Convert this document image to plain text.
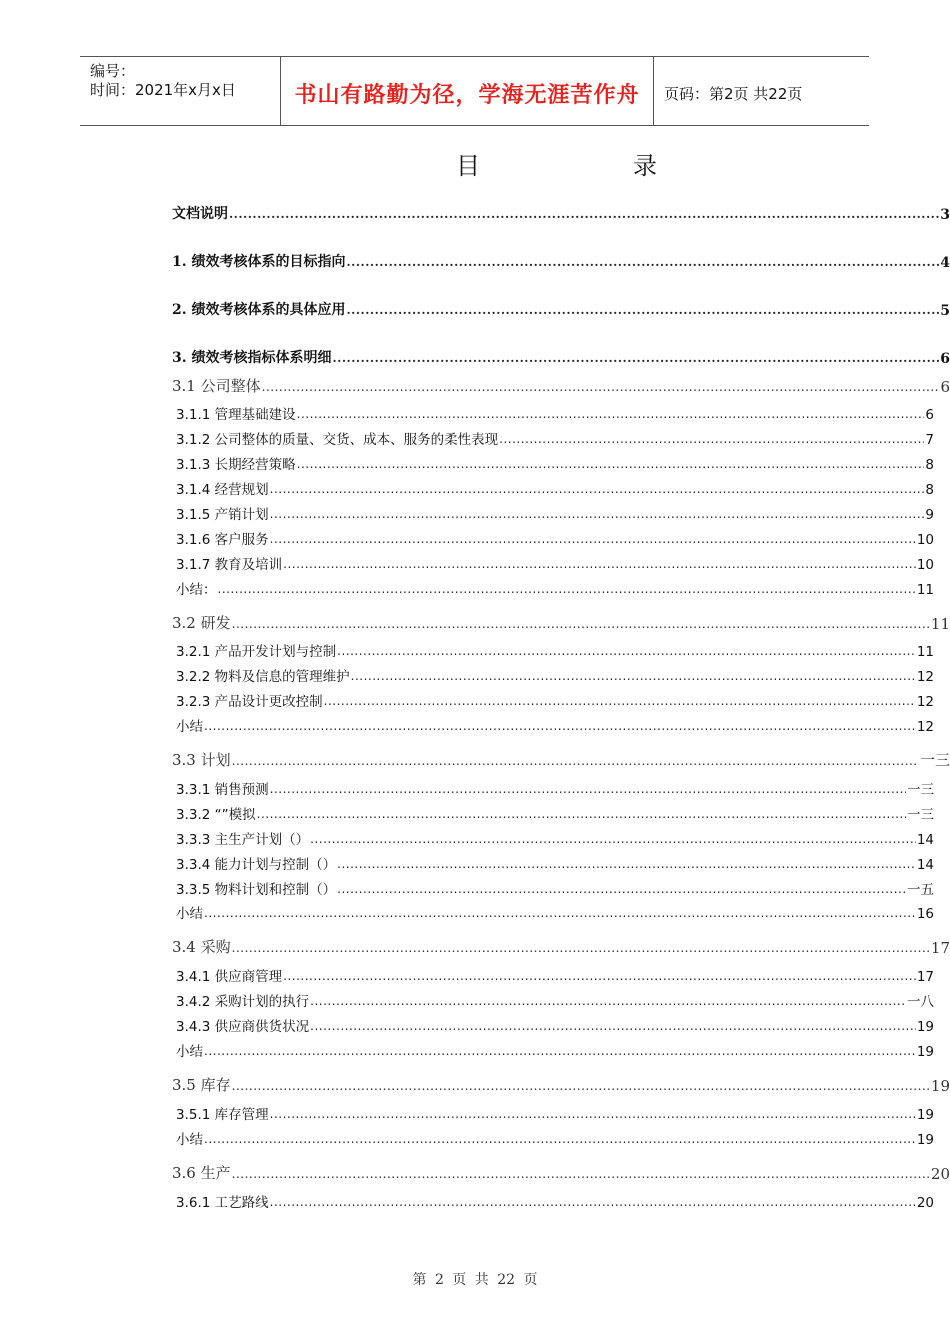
编号：
时间：2021年x月x日	书山有路勤为径，学海无涯苦作舟	页码：第2页 共22页
目	录
文档说明 .....	3
1. 绩效考核体系的目标指向 .....	4
2. 绩效考核体系的具体应用 .....	5
3. 绩效考核指标体系明细 .....	6
3.1 公司整体 .....	6
3.1.1 管理基础建设 .....	6
3.1.2 公司整体的质量、交货、成本、服务的柔性表现 .....	7
3.1.3 长期经营策略 .....	8
3.1.4 经营规划 .....	8
3.1.5 产销计划 .....	9
3.1.6 客户服务 .....	10
3.1.7 教育及培训 .....	10
小结： .....	11
3.2 研发 .....	11
3.2.1 产品开发计划与控制 .....	11
3.2.2 物料及信息的管理维护 .....	12
3.2.3 产品设计更改控制 .....	12
小结 .....	12
3.3 计划 .....	一三
3.3.1 销售预测 .....	一三
3.3.2 “”模拟 .....	一三
3.3.3 主生产计划（） .....	14
3.3.4 能力计划与控制（） .....	14
3.3.5 物料计划和控制（） .....	一五
小结 .....	16
3.4 采购 .....	17
3.4.1 供应商管理 .....	17
3.4.2 采购计划的执行 .....	一八
3.4.3 供应商供货状况 .....	19
小结 .....	19
3.5 库存 .....	19
3.5.1 库存管理 .....	19
小结 .....	19
3.6 生产 .....	20
3.6.1 工艺路线 .....	20
第 2 页 共 22 页
